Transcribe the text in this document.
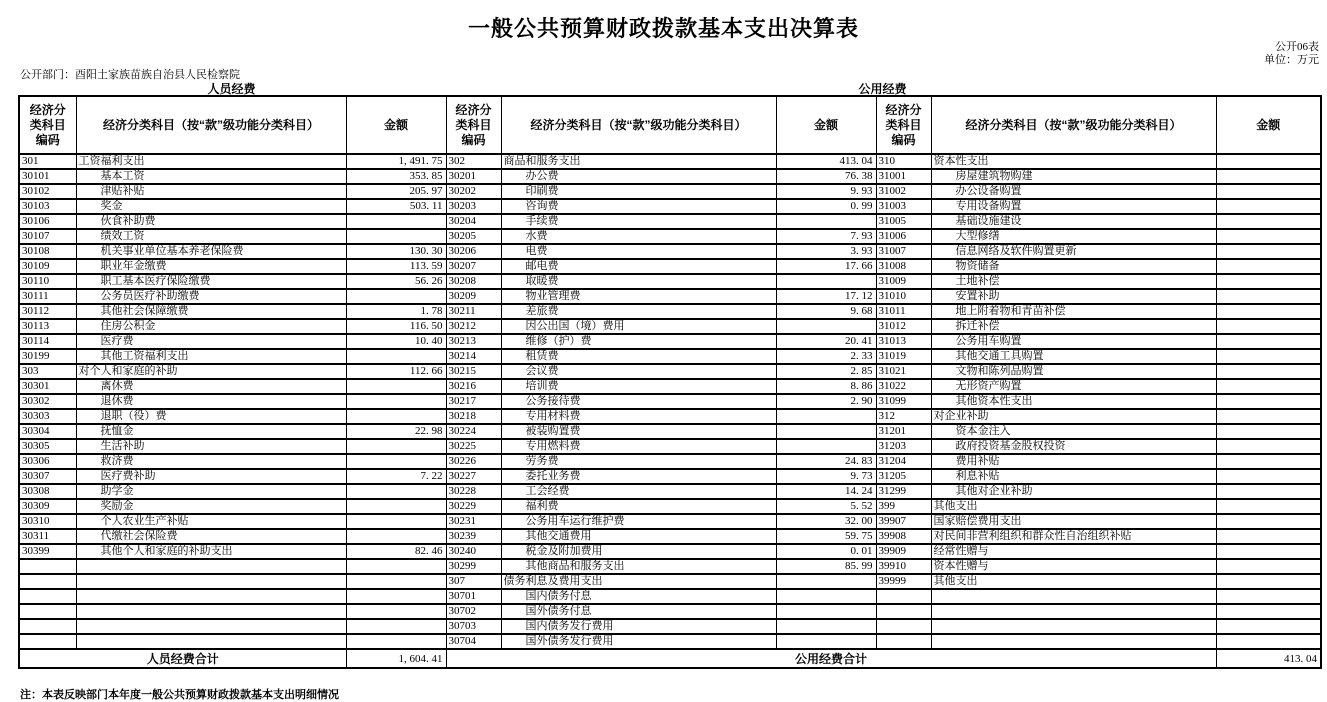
一般公共预算财政拨款基本支出决算表
公开06表
单位：万元
公开部门：酉阳土家族苗族自治县人民检察院
人员经费	公用经费
经济分类科目编码	经济分类科目（按“款”级功能分类科目）	金额	经济分类科目编码	经济分类科目（按“款”级功能分类科目）	金额	经济分类科目编码	经济分类科目（按“款”级功能分类科目）	金额
301	工资福利支出	1, 491. 75	302	商品和服务支出	413. 04	310	资本性支出	
30101	　　基本工资	353. 85	30201	　　办公费	76. 38	31001	　　房屋建筑物购建	
30102	　　津贴补贴	205. 97	30202	　　印刷费	9. 93	31002	　　办公设备购置	
30103	　　奖金	503. 11	30203	　　咨询费	0. 99	31003	　　专用设备购置	
30106	　　伙食补助费		30204	　　手续费		31005	　　基础设施建设	
30107	　　绩效工资		30205	　　水费	7. 93	31006	　　大型修缮	
30108	　　机关事业单位基本养老保险费	130. 30	30206	　　电费	3. 93	31007	　　信息网络及软件购置更新	
30109	　　职业年金缴费	113. 59	30207	　　邮电费	17. 66	31008	　　物资储备	
30110	　　职工基本医疗保险缴费	56. 26	30208	　　取暖费		31009	　　土地补偿	
30111	　　公务员医疗补助缴费		30209	　　物业管理费	17. 12	31010	　　安置补助	
30112	　　其他社会保障缴费	1. 78	30211	　　差旅费	9. 68	31011	　　地上附着物和青苗补偿	
30113	　　住房公积金	116. 50	30212	　　因公出国（境）费用		31012	　　拆迁补偿	
30114	　　医疗费	10. 40	30213	　　维修（护）费	20. 41	31013	　　公务用车购置	
30199	　　其他工资福利支出		30214	　　租赁费	2. 33	31019	　　其他交通工具购置	
303	对个人和家庭的补助	112. 66	30215	　　会议费	2. 85	31021	　　文物和陈列品购置	
30301	　　离休费		30216	　　培训费	8. 86	31022	　　无形资产购置	
30302	　　退休费		30217	　　公务接待费	2. 90	31099	　　其他资本性支出	
30303	　　退职（役）费		30218	　　专用材料费		312	对企业补助	
30304	　　抚恤金	22. 98	30224	　　被装购置费		31201	　　资本金注入	
30305	　　生活补助		30225	　　专用燃料费		31203	　　政府投资基金股权投资	
30306	　　救济费		30226	　　劳务费	24. 83	31204	　　费用补贴	
30307	　　医疗费补助	7. 22	30227	　　委托业务费	9. 73	31205	　　利息补贴	
30308	　　助学金		30228	　　工会经费	14. 24	31299	　　其他对企业补助	
30309	　　奖励金		30229	　　福利费	5. 52	399	其他支出	
30310	　　个人农业生产补贴		30231	　　公务用车运行维护费	32. 00	39907	国家赔偿费用支出	
30311	　　代缴社会保险费		30239	　　其他交通费用	59. 75	39908	对民间非营利组织和群众性自治组织补贴	
30399	　　其他个人和家庭的补助支出	82. 46	30240	　　税金及附加费用	0. 01	39909	经常性赠与	
			30299	　　其他商品和服务支出	85. 99	39910	资本性赠与	
			307	债务利息及费用支出		39999	其他支出	
			30701	　　国内债务付息				
			30702	　　国外债务付息				
			30703	　　国内债务发行费用				
			30704	　　国外债务发行费用				
人员经费合计		1, 604. 41	公用经费合计					413. 04
注：本表反映部门本年度一般公共预算财政拨款基本支出明细情况
